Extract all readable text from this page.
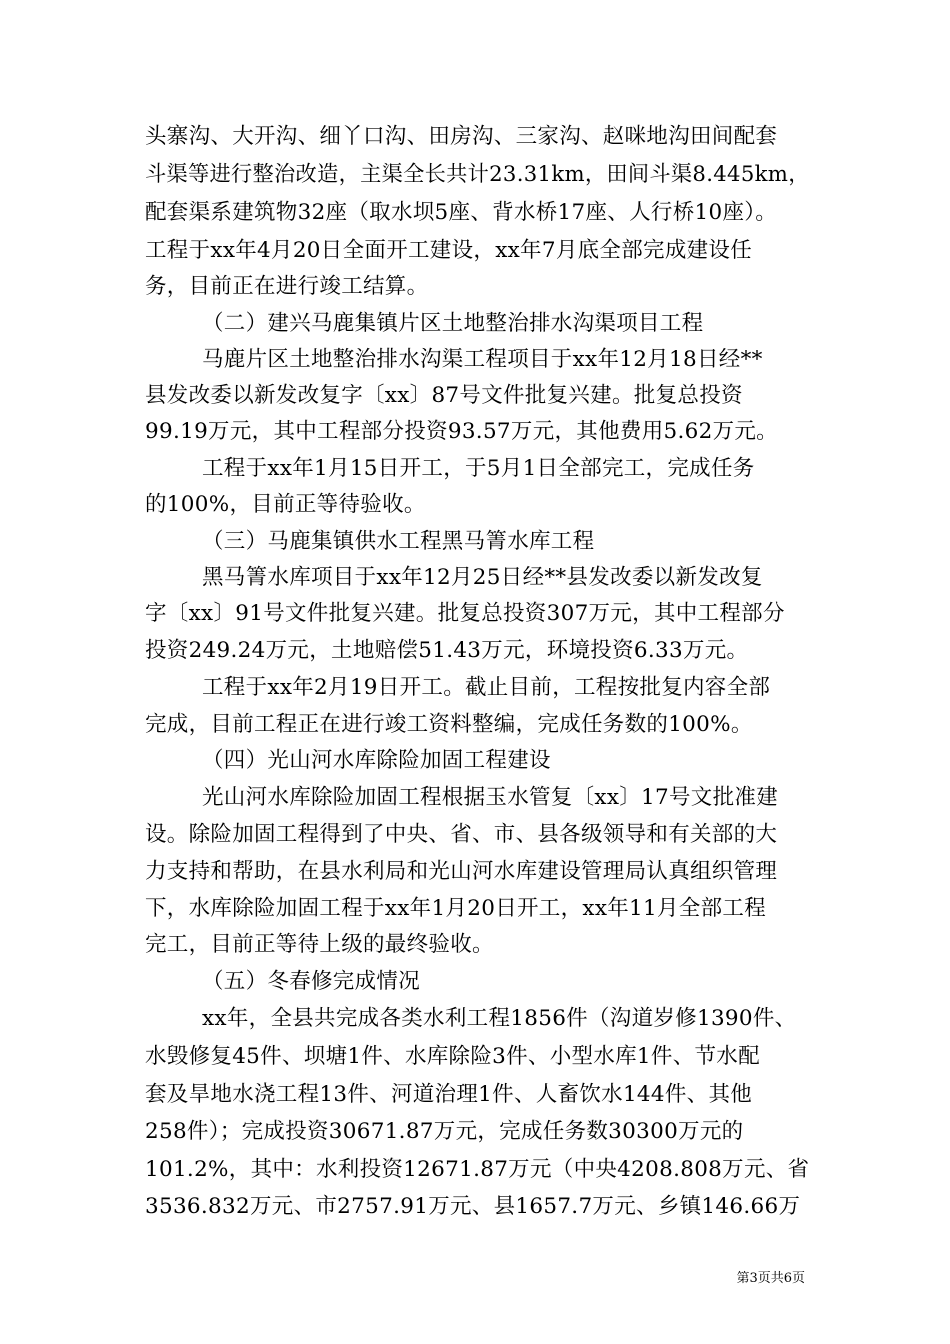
头寨沟、大开沟、细丫口沟、田房沟、三家沟、赵咪地沟田间配套
斗渠等进行整治改造，主渠全长共计23.31km，田间斗渠8.445km，
配套渠系建筑物32座（取水坝5座、背水桥17座、人行桥10座）。
工程于xx年4月20日全面开工建设，xx年7月底全部完成建设任
务，目前正在进行竣工结算。
（二）建兴马鹿集镇片区土地整治排水沟渠项目工程
马鹿片区土地整治排水沟渠工程项目于xx年12月18日经**
县发改委以新发改复字〔xx〕87号文件批复兴建。批复总投资
99.19万元，其中工程部分投资93.57万元，其他费用5.62万元。
工程于xx年1月15日开工，于5月1日全部完工，完成任务
的100%，目前正等待验收。
（三）马鹿集镇供水工程黑马箐水库工程
黑马箐水库项目于xx年12月25日经**县发改委以新发改复
字〔xx〕91号文件批复兴建。批复总投资307万元，其中工程部分
投资249.24万元，土地赔偿51.43万元，环境投资6.33万元。
工程于xx年2月19日开工。截止目前，工程按批复内容全部
完成，目前工程正在进行竣工资料整编，完成任务数的100%。
（四）光山河水库除险加固工程建设
光山河水库除险加固工程根据玉水管复〔xx〕17号文批准建
设。除险加固工程得到了中央、省、市、县各级领导和有关部的大
力支持和帮助，在县水利局和光山河水库建设管理局认真组织管理
下，水库除险加固工程于xx年1月20日开工，xx年11月全部工程
完工，目前正等待上级的最终验收。
（五）冬春修完成情况
xx年，全县共完成各类水利工程1856件（沟道岁修1390件、
水毁修复45件、坝塘1件、水库除险3件、小型水库1件、节水配
套及旱地水浇工程13件、河道治理1件、人畜饮水144件、其他
258件）；完成投资30671.87万元，完成任务数30300万元的
101.2%，其中：水利投资12671.87万元（中央4208.808万元、省
3536.832万元、市2757.91万元、县1657.7万元、乡镇146.66万
第3页共6页
